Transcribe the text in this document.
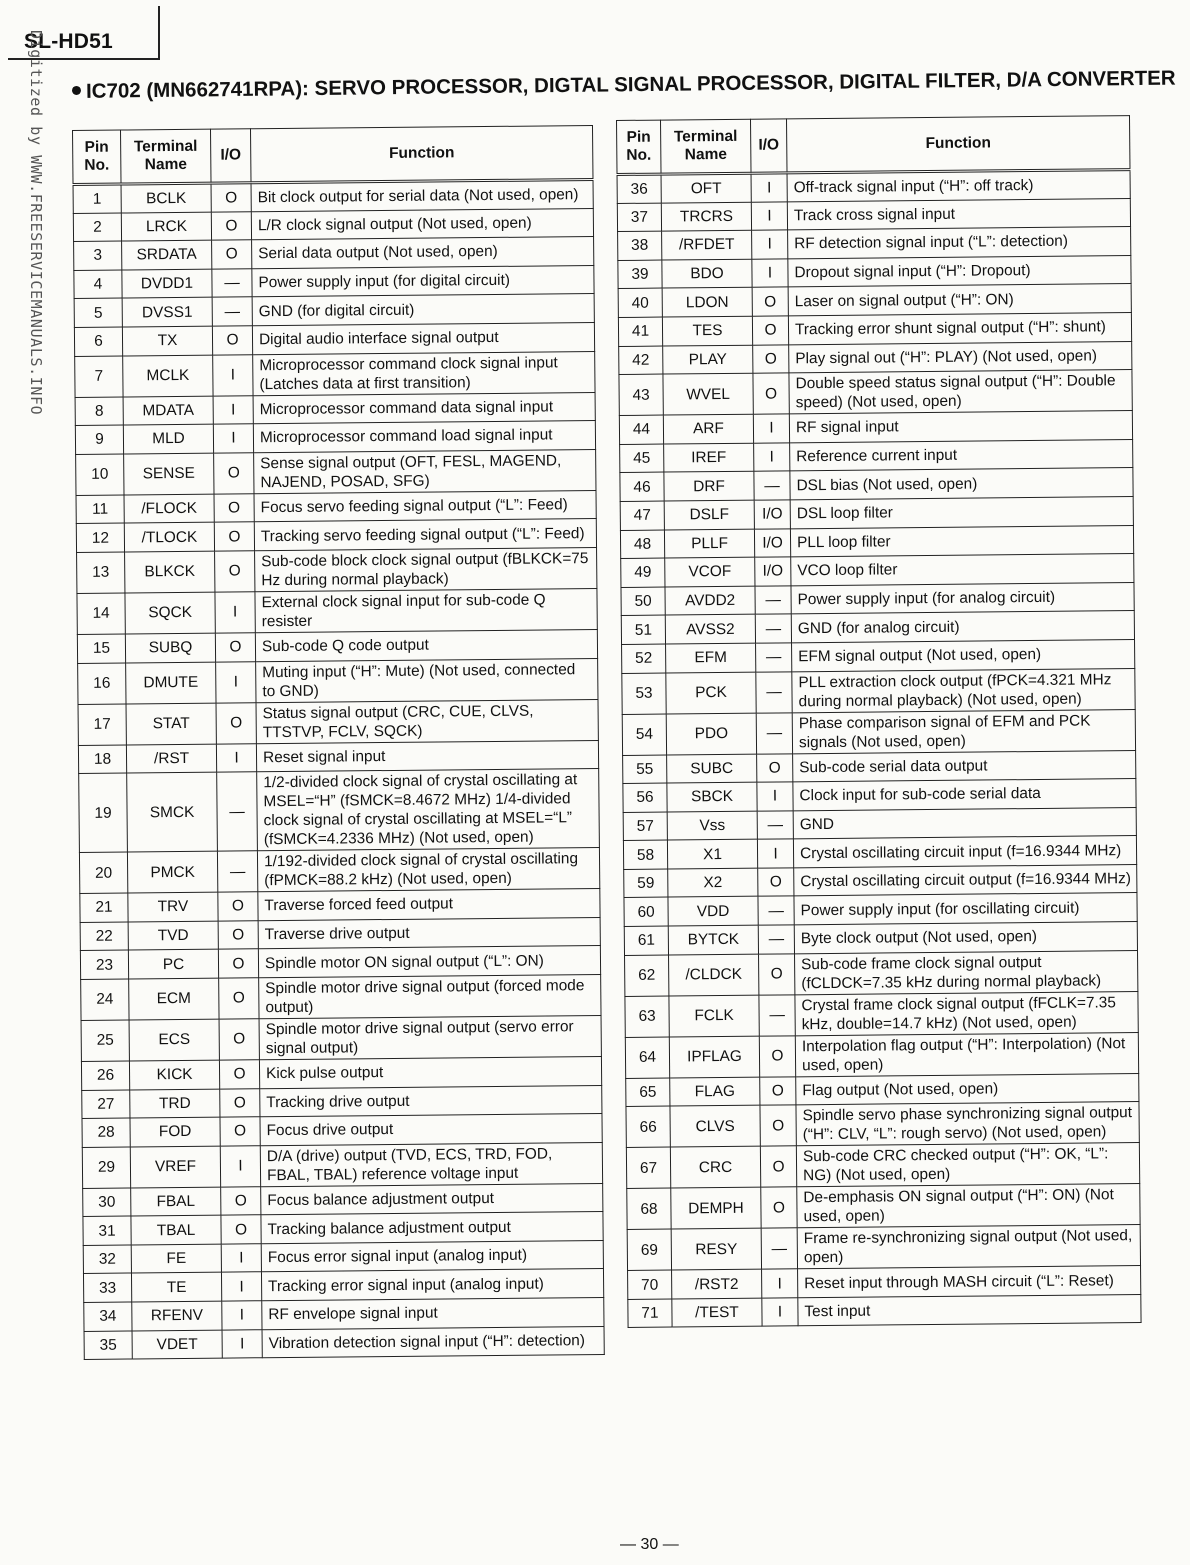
SL-HD51
Digitized by WWW.FREESERVICEMANUALS.INFO	IC702 (MN662741RPA): SERVO PROCESSOR, DIGTAL SIGNAL PROCESSOR, DIGITAL FILTER, D/A CONVERTER
Pin No.	Terminal Name	I/O	Function
1	BCLK	O	Bit clock output for serial data (Not used, open)
2	LRCK	O	L/R clock signal output (Not used, open)
3	SRDATA	O	Serial data output (Not used, open)
4	DVDD1	—	Power supply input (for digital circuit)
5	DVSS1	—	GND (for digital circuit)
6	TX	O	Digital audio interface signal output
7	MCLK	I	Microprocessor command clock signal input (Latches data at first transition)
8	MDATA	I	Microprocessor command data signal input
9	MLD	I	Microprocessor command load signal input
10	SENSE	O	Sense signal output (OFT, FESL, MAGEND, NAJEND, POSAD, SFG)
11	/FLOCK	O	Focus servo feeding signal output (“L”: Feed)
12	/TLOCK	O	Tracking servo feeding signal output (“L”: Feed)
13	BLKCK	O	Sub-code block clock signal output (fBLKCK=75 Hz during normal playback)
14	SQCK	I	External clock signal input for sub-code Q resister
15	SUBQ	O	Sub-code Q code output
16	DMUTE	I	Muting input (“H”: Mute) (Not used, connected to GND)
17	STAT	O	Status signal output (CRC, CUE, CLVS, TTSTVP, FCLV, SQCK)
18	/RST	I	Reset signal input
19	SMCK	—	1/2-divided clock signal of crystal oscillating at MSEL=“H” (fSMCK=8.4672 MHz) 1/4-divided clock signal of crystal oscillating at MSEL=“L” (fSMCK=4.2336 MHz) (Not used, open)
20	PMCK	—	1/192-divided clock signal of crystal oscillating (fPMCK=88.2 kHz) (Not used, open)
21	TRV	O	Traverse forced feed output
22	TVD	O	Traverse drive output
23	PC	O	Spindle motor ON signal output (“L”: ON)
24	ECM	O	Spindle motor drive signal output (forced mode output)
25	ECS	O	Spindle motor drive signal output (servo error signal output)
26	KICK	O	Kick pulse output
27	TRD	O	Tracking drive output
28	FOD	O	Focus drive output
29	VREF	I	D/A (drive) output (TVD, ECS, TRD, FOD, FBAL, TBAL) reference voltage input
30	FBAL	O	Focus balance adjustment output
31	TBAL	O	Tracking balance adjustment output
32	FE	I	Focus error signal input (analog input)
33	TE	I	Tracking error signal input (analog input)
34	RFENV	I	RF envelope signal input
35	VDET	I	Vibration detection signal input (“H”: detection)
Pin No.	Terminal Name	I/O	Function
36	OFT	I	Off-track signal input (“H”: off track)
37	TRCRS	I	Track cross signal input
38	/RFDET	I	RF detection signal input (“L”: detection)
39	BDO	I	Dropout signal input (“H”: Dropout)
40	LDON	O	Laser on signal output (“H”: ON)
41	TES	O	Tracking error shunt signal output (“H”: shunt)
42	PLAY	O	Play signal out (“H”: PLAY) (Not used, open)
43	WVEL	O	Double speed status signal output (“H”: Double speed) (Not used, open)
44	ARF	I	RF signal input
45	IREF	I	Reference current input
46	DRF	—	DSL bias (Not used, open)
47	DSLF	I/O	DSL loop filter
48	PLLF	I/O	PLL loop filter
49	VCOF	I/O	VCO loop filter
50	AVDD2	—	Power supply input (for analog circuit)
51	AVSS2	—	GND (for analog circuit)
52	EFM	—	EFM signal output (Not used, open)
53	PCK	—	PLL extraction clock output (fPCK=4.321 MHz during normal playback) (Not used, open)
54	PDO	—	Phase comparison signal of EFM and PCK signals (Not used, open)
55	SUBC	O	Sub-code serial data output
56	SBCK	I	Clock input for sub-code serial data
57	Vss	—	GND
58	X1	I	Crystal oscillating circuit input (f=16.9344 MHz)
59	X2	O	Crystal oscillating circuit output (f=16.9344 MHz)
60	VDD	—	Power supply input (for oscillating circuit)
61	BYTCK	—	Byte clock output (Not used, open)
62	/CLDCK	O	Sub-code frame clock signal output (fCLDCK=7.35 kHz during normal playback)
63	FCLK	—	Crystal frame clock signal output (fFCLK=7.35 kHz, double=14.7 kHz) (Not used, open)
64	IPFLAG	O	Interpolation flag output (“H”: Interpolation) (Not used, open)
65	FLAG	O	Flag output (Not used, open)
66	CLVS	O	Spindle servo phase synchronizing signal output (“H”: CLV, “L”: rough servo) (Not used, open)
67	CRC	O	Sub-code CRC checked output (“H”: OK, “L”: NG) (Not used, open)
68	DEMPH	O	De-emphasis ON signal output (“H”: ON) (Not used, open)
69	RESY	—	Frame re-synchronizing signal output (Not used, open)
70	/RST2	I	Reset input through MASH circuit (“L”: Reset)
71	/TEST	I	Test input
— 30 —
